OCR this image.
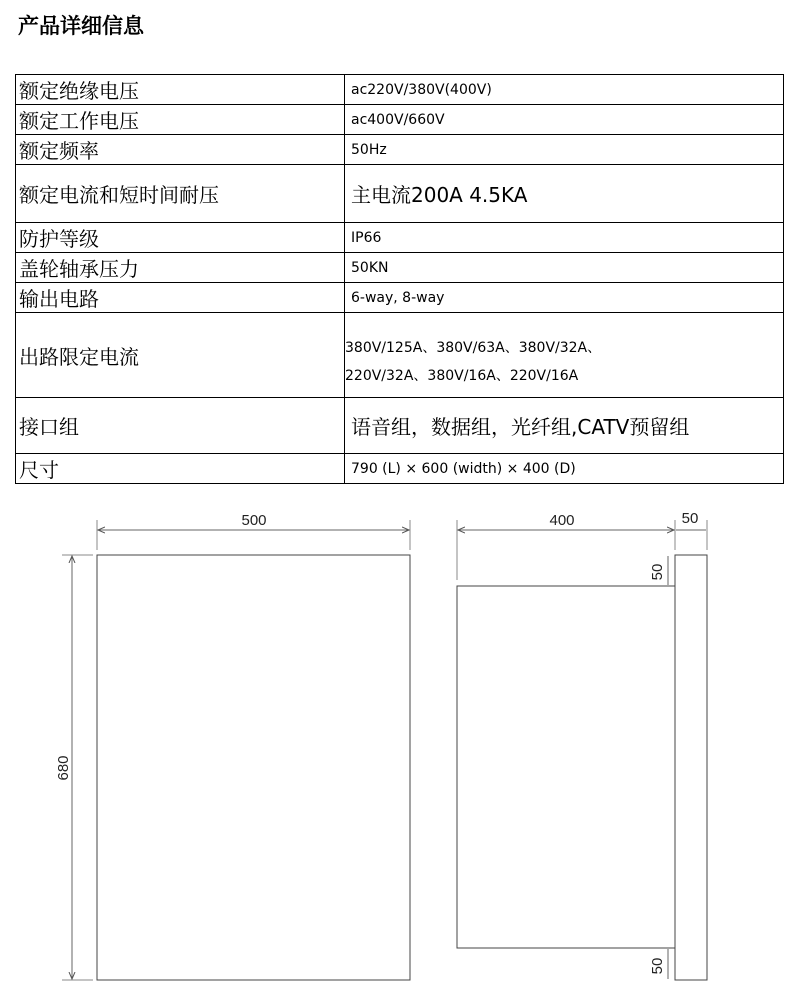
产品详细信息
额定绝缘电压	ac220V/380V(400V)
额定工作电压	ac400V/660V
额定频率	50Hz
额定电流和短时间耐压	主电流200A 4.5KA
防护等级	IP66
盖轮轴承压力	50KN
输出电路	6-way, 8-way
出路限定电流	380V/125A、380V/63A、380V/32A、
220V/32A、380V/16A、220V/16A

接口组	语音组，数据组，光纤组,CATV预留组
尺寸	790 (L) × 600 (width) × 400 (D)
500
680
400	50
50
50
